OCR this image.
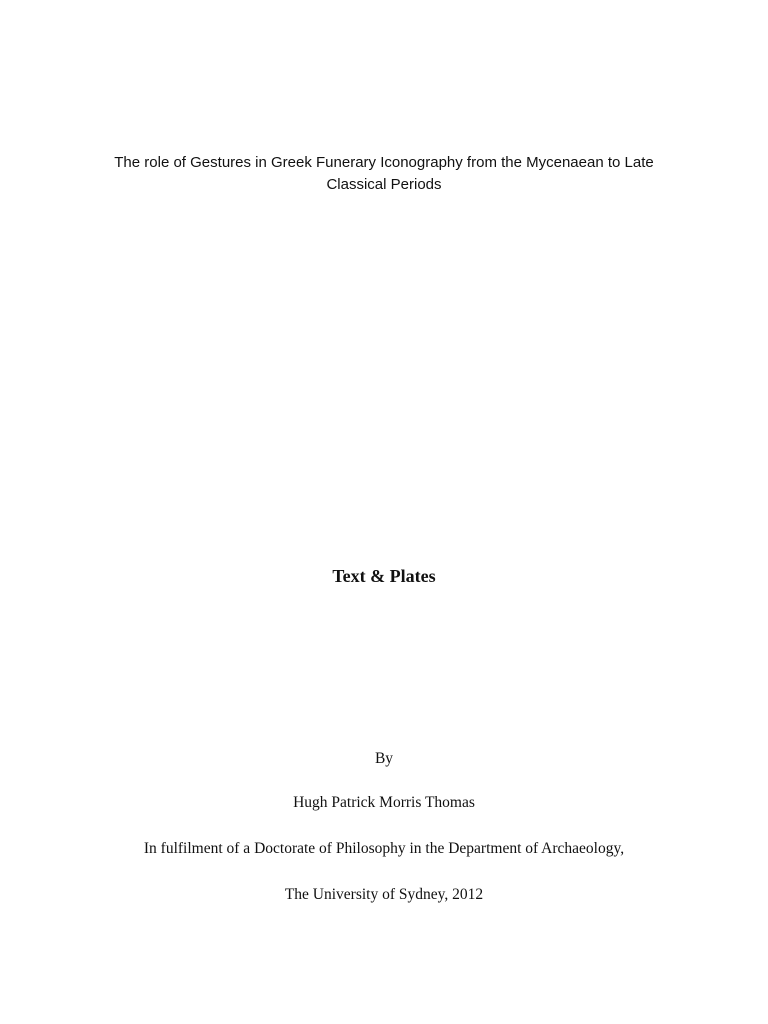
The role of Gestures in Greek Funerary Iconography from the Mycenaean to Late
Classical Periods
Text & Plates
By
Hugh Patrick Morris Thomas
In fulfilment of a Doctorate of Philosophy in the Department of Archaeology,
The University of Sydney, 2012
